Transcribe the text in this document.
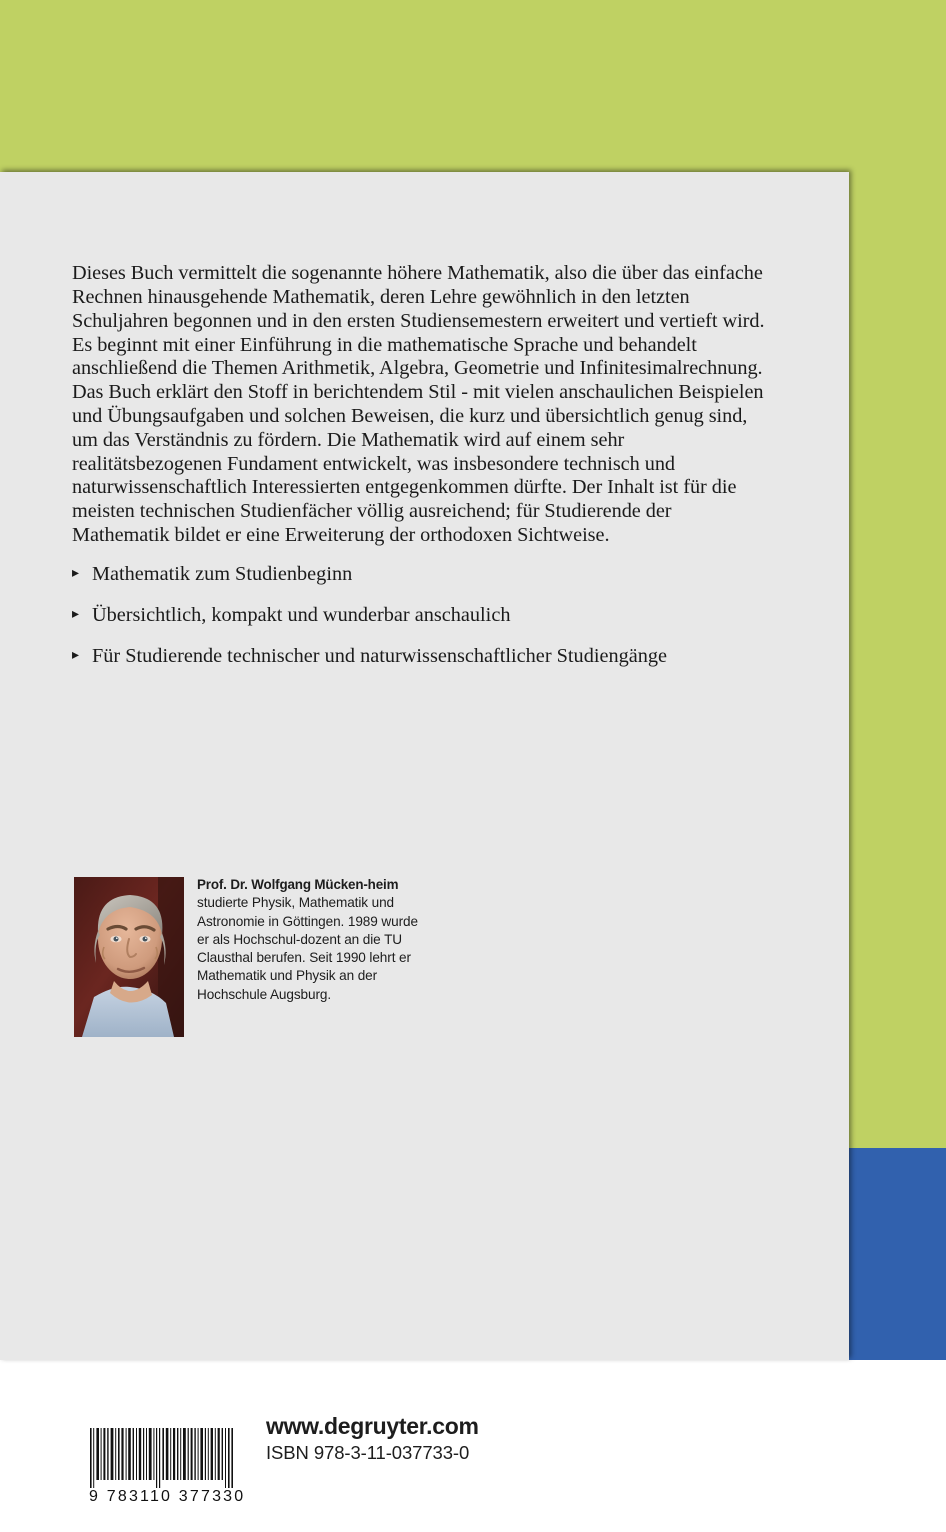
Dieses Buch vermittelt die sogenannte höhere Mathematik, also die über das einfache Rechnen hinausgehende Mathematik, deren Lehre gewöhnlich in den letzten Schuljahren begonnen und in den ersten Studiensemestern erweitert und vertieft wird. Es beginnt mit einer Einführung in die mathematische Sprache und behandelt anschließend die Themen Arithmetik, Algebra, Geometrie und Infinitesimalrechnung. Das Buch erklärt den Stoff in berichtendem Stil - mit vielen anschaulichen Beispielen und Übungsaufgaben und solchen Beweisen, die kurz und übersichtlich genug sind, um das Verständnis zu fördern. Die Mathematik wird auf einem sehr realitätsbezogenen Fundament entwickelt, was insbesondere technisch und naturwissenschaftlich Interessierten entgegenkommen dürfte. Der Inhalt ist für die meisten technischen Studienfächer völlig ausreichend; für Studierende der Mathematik bildet er eine Erweiterung der orthodoxen Sichtweise.

▸ Mathematik zum Studienbeginn
▸ Übersichtlich, kompakt und wunderbar anschaulich
▸ Für Studierende technischer und naturwissenschaftlicher Studiengänge
Prof. Dr. Wolfgang Mücken-heim
studierte Physik, Mathematik und Astronomie in Göttingen. 1989 wurde er als Hochschul-dozent an die TU Clausthal berufen. Seit 1990 lehrt er Mathematik und Physik an der Hochschule Augsburg.
9 783110 377330
www.degruyter.com
ISBN 978-3-11-037733-0
